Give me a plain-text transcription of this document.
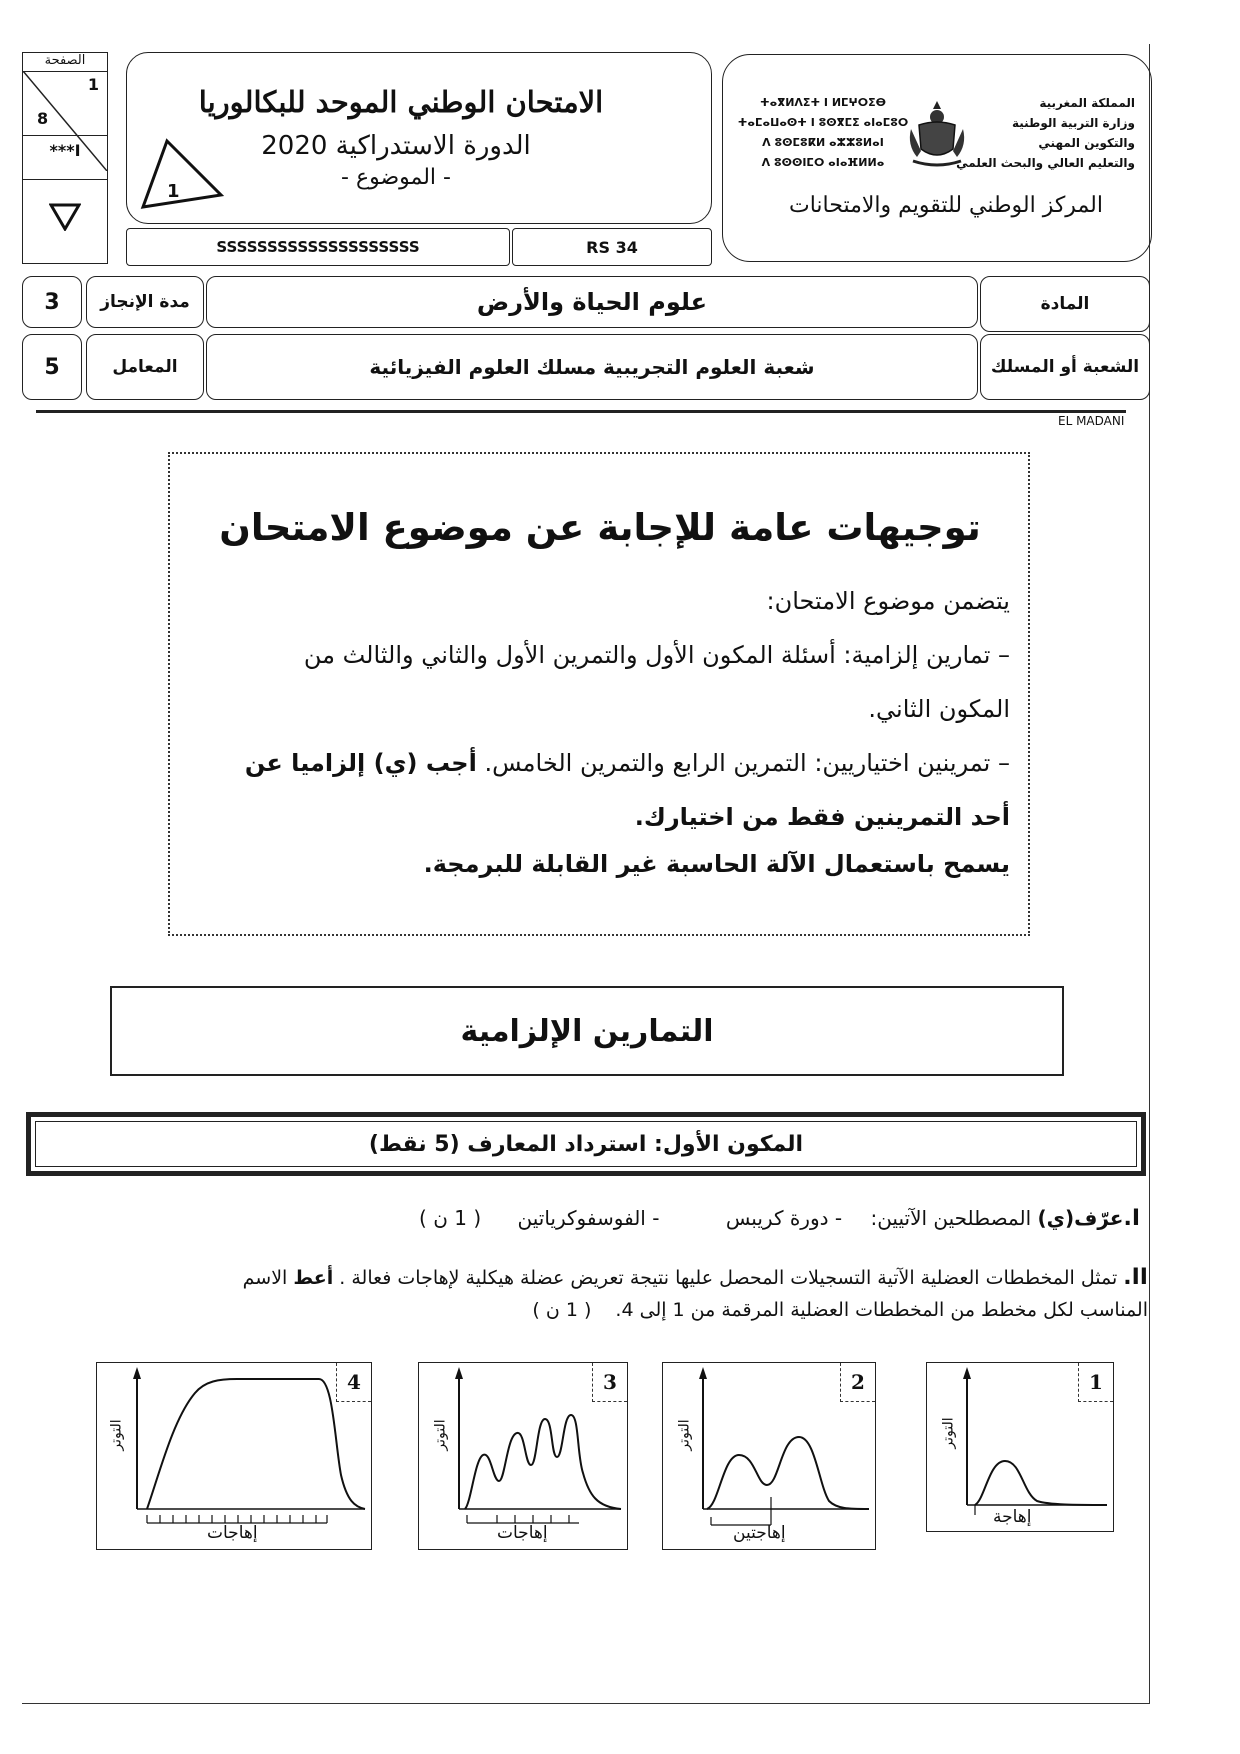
الصفحة
1
8
***I
الامتحان الوطني الموحد للبكالوريا
الدورة الاستدراكية 2020
- الموضوع -
1
SSSSSSSSSSSSSSSSSSSS	RS 34
المملكة المغربية
وزارة التربية الوطنية
والتكوين المهني
والتعليم العالي والبحث العلمي
ⵜⴰⴳⵍⴷⵉⵜ ⵏ ⵍⵎⵖⵔⵉⴱ
ⵜⴰⵎⴰⵡⴰⵙⵜ ⵏ ⵓⵙⴳⵎⵉ ⴰⵏⴰⵎⵓⵔ
ⴷ ⵓⵙⵎⵓⴽⵍ ⴰⵣⵣⵓⵍⴰⵏ
ⴷ ⵓⵙⵙⵏⵎⵔ ⴰⵏⴰⴼⵍⵍⴰ
المركز الوطني للتقويم والامتحانات
3 مدة الإنجاز	علوم الحياة والأرض	المادة
5	المعامل	شعبة العلوم التجريبية مسلك العلوم الفيزيائية	الشعبة أو المسلك
EL MADANI
توجيهات عامة للإجابة عن موضوع الامتحان
يتضمن موضوع الامتحان:
– تمارين إلزامية: أسئلة المكون الأول والتمرين الأول والثاني والثالث من
المكون الثاني.
– تمرينين اختياريين: التمرين الرابع والتمرين الخامس. أجب (ي) إلزاميا عن
أحد التمرينين فقط من اختيارك.
يسمح باستعمال الآلة الحاسبة غير القابلة للبرمجة.
التمارين الإلزامية
المكون الأول: استرداد المعارف (5 نقط)
I.عرّف(ي) المصطلحين الآتيين: - دورة كريبس - الفوسفوكرياتين ( 1 ن )
II. تمثل المخططات العضلية الآتية التسجيلات المحصل عليها نتيجة تعريض عضلة هيكلية لإهاجات فعالة . أعط الاسم
المناسب لكل مخطط من المخططات العضلية المرقمة من 1 إلى 4.( 1 ن )
4
التوتر
إهاجات
3
التوتر
إهاجات
2
التوتر
إهاجتين
1
التوتر
إهاجة
